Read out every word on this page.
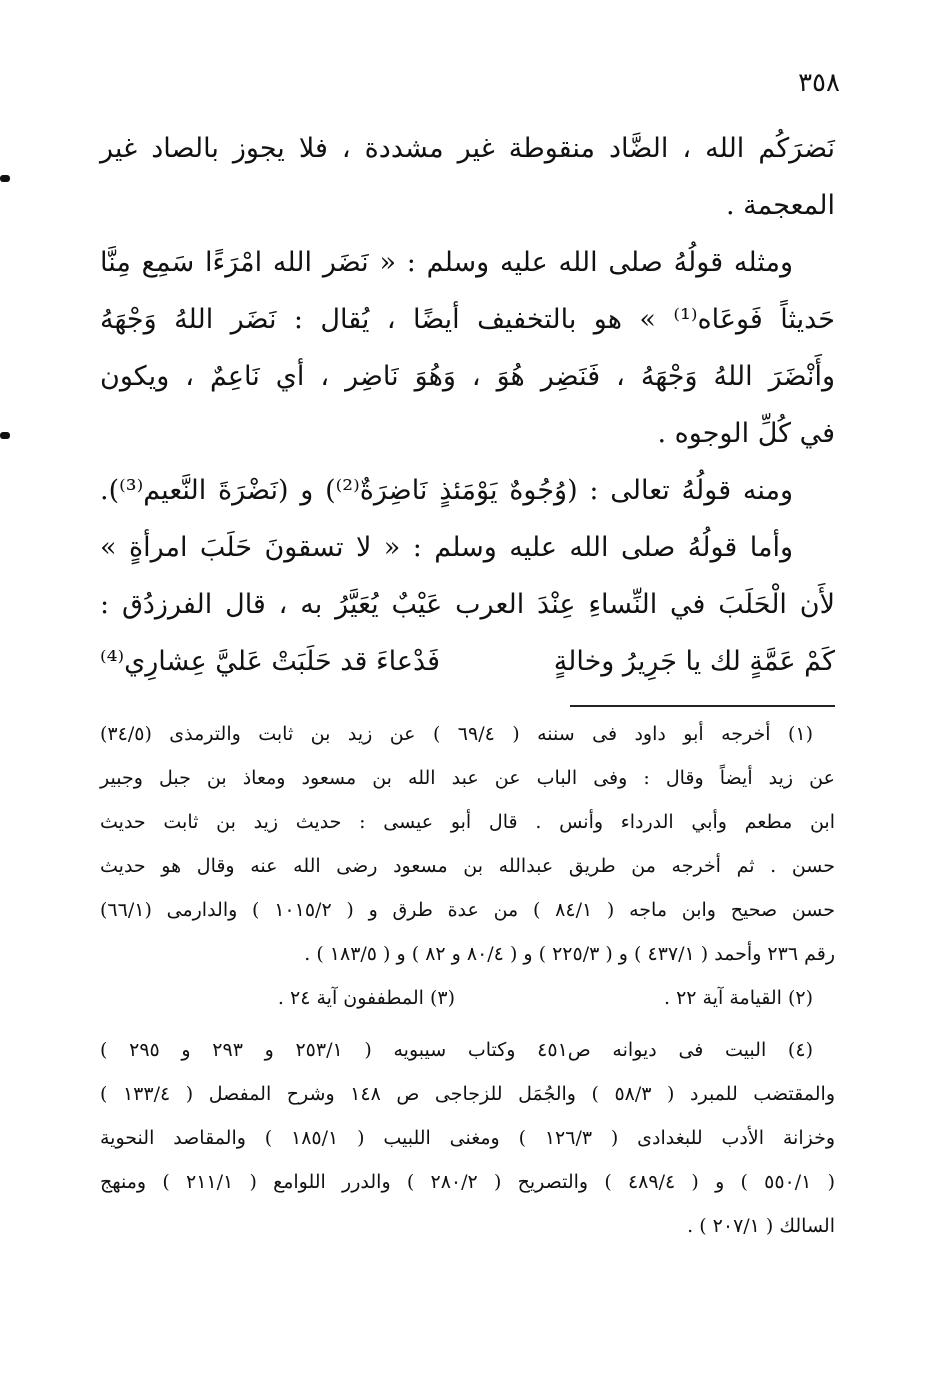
٣٥٨
نَضرَكُم الله ، الضَّاد منقوطة غير مشددة ، فلا يجوز بالصاد غير
المعجمة .
ومثله قولُهُ صلى الله عليه وسلم : « نَضَر الله امْرَءًا سَمِع مِنَّا
حَديثاً فَوعَاه⁽¹⁾ » هو بالتخفيف أيضًا ، يُقال : نَضَر اللهُ وَجْهَهُ
وأَنْضَرَ اللهُ وَجْهَهُ ، فَنَضِر هُوَ ، وَهُوَ نَاضِر ، أي نَاعِمٌ ، ويكون
في كُلِّ الوجوه .
ومنه قولُهُ تعالى : (وُجُوهٌ يَوْمَئذٍ نَاضِرَةٌ⁽²⁾) و (نَضْرَةَ النَّعيم⁽³⁾).
وأما قولُهُ صلى الله عليه وسلم : « لا تسقونَ حَلَبَ امرأةٍ »
لأَن الْحَلَبَ في النِّساءِ عِنْدَ العرب عَيْبٌ يُعَيَّرُ به ، قال الفرزدُق :
كَمْ عَمَّةٍ لك يا جَرِيرُ وخالةٍ
فَدْعاءَ قد حَلَبَتْ عَليَّ عِشارِي⁽⁴⁾
(١) أخرجه أبو داود فى سننه ( ٦٩/٤ ) عن زيد بن ثابت والترمذى (٣٤/٥)
عن زيد أيضاً وقال : وفى الباب عن عبد الله بن مسعود ومعاذ بن جبل وجبير
ابن مطعم وأبي الدرداء وأنس . قال أبو عيسى : حديث زيد بن ثابت حديث
حسن . ثم أخرجه من طريق عبدالله بن مسعود رضى الله عنه وقال هو حديث
حسن صحيح وابن ماجه ( ٨٤/١ ) من عدة طرق و ( ١٠١٥/٢ ) والدارمى (٦٦/١)
رقم ٢٣٦ وأحمد ( ٤٣٧/١ ) و ( ٢٢٥/٣ ) و ( ٨٠/٤ و ٨٢ ) و ( ١٨٣/٥ ) .
(٢) القيامة آية ٢٢ .
(٣) المطففون آية ٢٤ .
(٤) البيت فى ديوانه ص٤٥١ وكتاب سيبويه ( ٢٥٣/١ و ٢٩٣ و ٢٩٥ )
والمقتضب للمبرد ( ٥٨/٣ ) والجُمَل للزجاجى ص ١٤٨ وشرح المفصل ( ١٣٣/٤ )
وخزانة الأدب للبغدادى ( ١٢٦/٣ ) ومغنى اللبيب ( ١٨٥/١ ) والمقاصد النحوية
( ٥٥٠/١ ) و ( ٤٨٩/٤ ) والتصريح ( ٢٨٠/٢ ) والدرر اللوامع ( ٢١١/١ ) ومنهج
السالك ( ٢٠٧/١ ) .
